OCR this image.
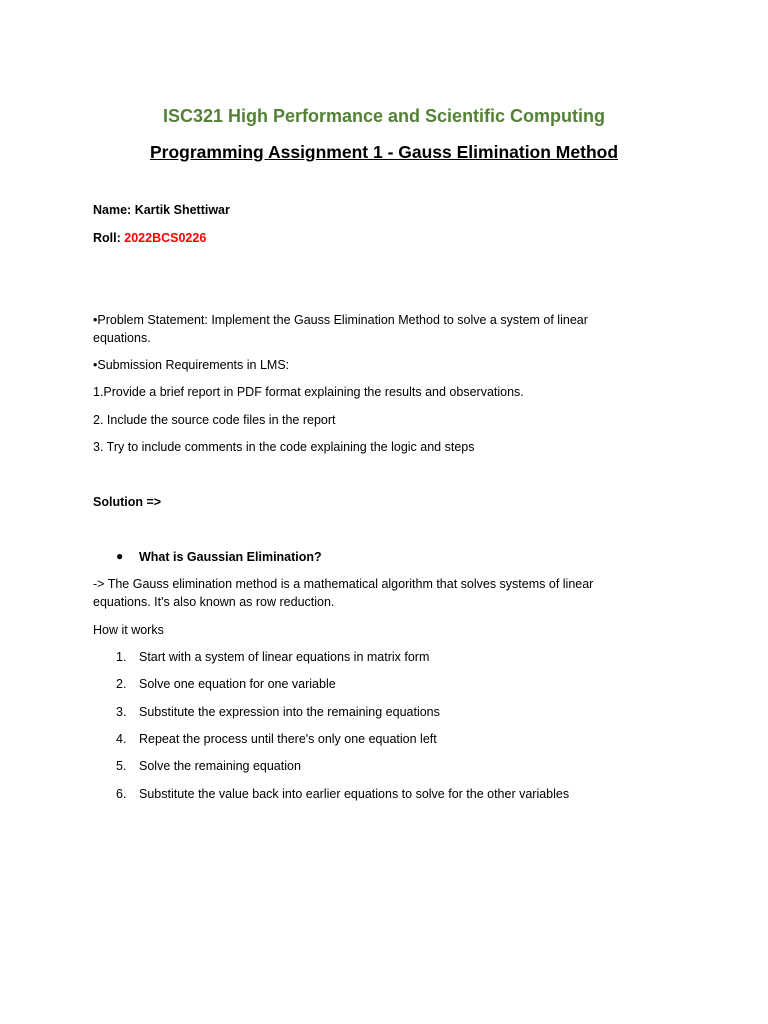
ISC321 High Performance and Scientific Computing
Programming Assignment 1 - Gauss Elimination Method
Name: Kartik Shettiwar
Roll: 2022BCS0226
•Problem Statement: Implement the Gauss Elimination Method to solve a system of linear equations.
•Submission Requirements in LMS:
1.Provide a brief report in PDF format explaining the results and observations.
2. Include the source code files in the report
3. Try to include comments in the code explaining the logic and steps
Solution =>
● What is Gaussian Elimination?
-> The Gauss elimination method is a mathematical algorithm that solves systems of linear equations. It's also known as row reduction.
How it works
1. Start with a system of linear equations in matrix form
2. Solve one equation for one variable
3. Substitute the expression into the remaining equations
4. Repeat the process until there's only one equation left
5. Solve the remaining equation
6. Substitute the value back into earlier equations to solve for the other variables
